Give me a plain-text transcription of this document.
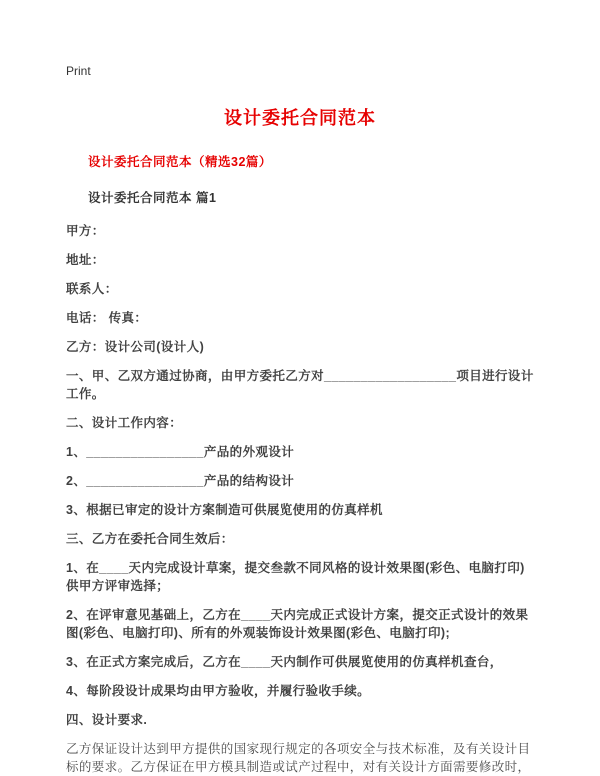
Print
设计委托合同范本
设计委托合同范本（精选32篇）
设计委托合同范本 篇1

甲方：

地址：

联系人：

电话： 传真：

乙方：设计公司(设计人)

一、甲、乙双方通过协商，由甲方委托乙方对__________________项目进行设计工作。

二、设计工作内容：

1、________________产品的外观设计

2、________________产品的结构设计

3、根据已审定的设计方案制造可供展览使用的仿真样机

三、乙方在委托合同生效后：

1、在____天内完成设计草案，提交叁款不同风格的设计效果图(彩色、电脑打印)供甲方评审选择；

2、在评审意见基础上，乙方在____天内完成正式设计方案，提交正式设计的效果图(彩色、电脑打印)、所有的外观装饰设计效果图(彩色、电脑打印);

3、在正式方案完成后，乙方在____天内制作可供展览使用的仿真样机查台，

4、每阶段设计成果均由甲方验收，并履行验收手续。

四、设计要求.

乙方保证设计达到甲方提供的国家现行规定的各项安全与技术标准，及有关设计目标的要求。乙方保证在甲方模具制造或试产过程中，对有关设计方面需要修改时，
